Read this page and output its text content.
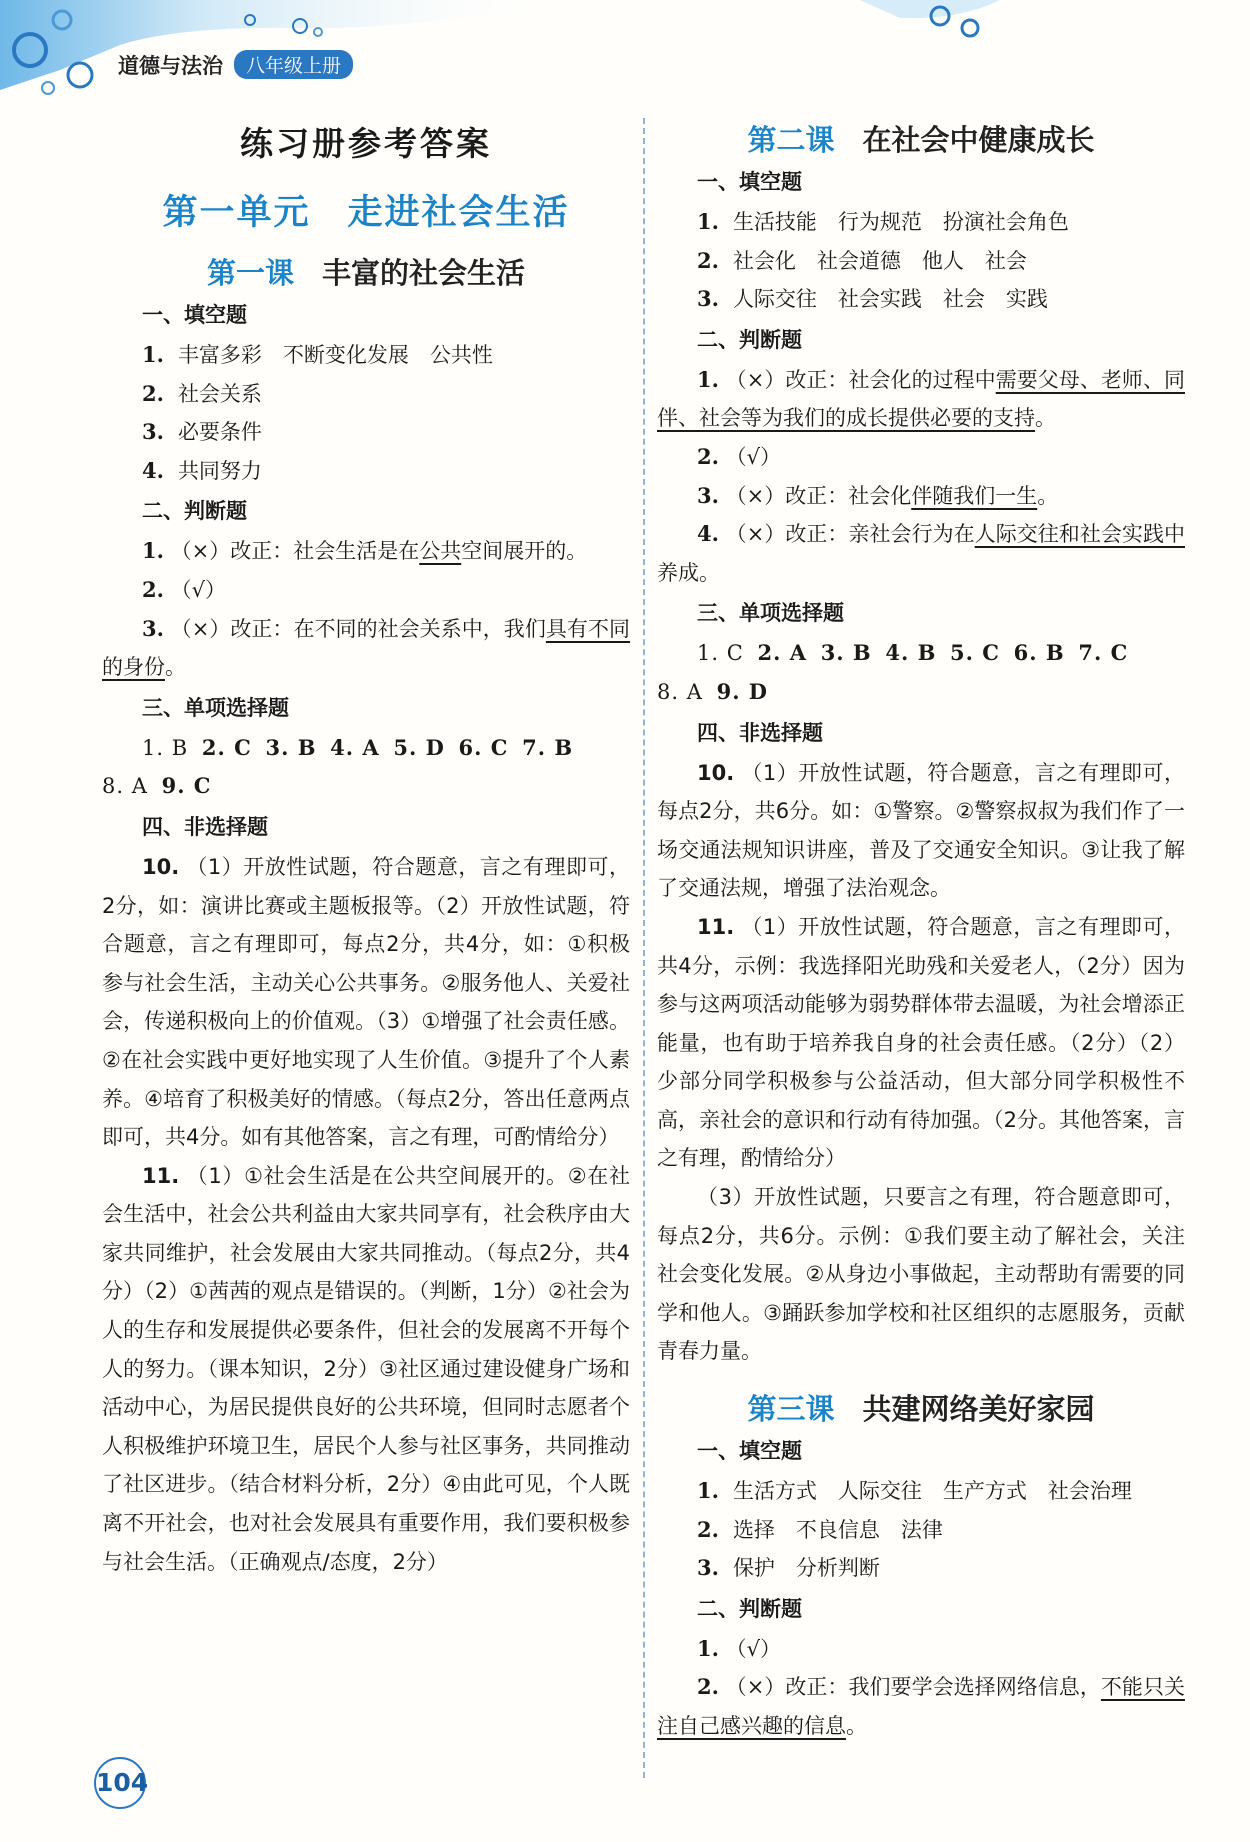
道德与法治	八年级上册
练习册参考答案
第一单元　走进社会生活
第一课 丰富的社会生活
一、填空题
1. 丰富多彩　不断变化发展　公共性
2. 社会关系
3. 必要条件
4. 共同努力
二、判断题

1. （×）改正：社会生活是在公共空间展开的。

2. （√）

3. （×）改正：在不同的社会关系中，我们具有不同的身份。

三、单项选择题
1. B 2. C 3. B 4. A 5. D 6. C 7. B
8. A 9. C
四、非选择题

10. （1）开放性试题，符合题意，言之有理即可，2分，如：演讲比赛或主题板报等。（2）开放性试题，符合题意，言之有理即可，每点2分，共4分，如：①积极参与社会生活，主动关心公共事务。②服务他人、关爱社会，传递积极向上的价值观。（3）①增强了社会责任感。②在社会实践中更好地实现了人生价值。③提升了个人素养。④培育了积极美好的情感。（每点2分，答出任意两点即可，共4分。如有其他答案，言之有理，可酌情给分）

11. （1）①社会生活是在公共空间展开的。②在社会生活中，社会公共利益由大家共同享有，社会秩序由大家共同维护，社会发展由大家共同推动。（每点2分，共4分）（2）①茜茜的观点是错误的。（判断，1分）②社会为人的生存和发展提供必要条件，但社会的发展离不开每个人的努力。（课本知识，2分）③社区通过建设健身广场和活动中心，为居民提供良好的公共环境，但同时志愿者个人积极维护环境卫生，居民个人参与社区事务，共同推动了社区进步。（结合材料分析，2分）④由此可见，个人既离不开社会，也对社会发展具有重要作用，我们要积极参与社会生活。（正确观点/态度，2分）

第二课 在社会中健康成长
一、填空题
1. 生活技能　行为规范　扮演社会角色
2. 社会化　社会道德　他人　社会
3. 人际交往　社会实践　社会　实践
二、判断题

1. （×）改正：社会化的过程中需要父母、老师、同伴、社会等为我们的成长提供必要的支持。

2. （√）

3. （×）改正：社会化伴随我们一生。

4. （×）改正：亲社会行为在人际交往和社会实践中养成。

三、单项选择题
1. C 2. A 3. B 4. B 5. C 6. B 7. C
8. A 9. D
四、非选择题

10. （1）开放性试题，符合题意，言之有理即可，每点2分，共6分。如：①警察。②警察叔叔为我们作了一场交通法规知识讲座，普及了交通安全知识。③让我了解了交通法规，增强了法治观念。

11. （1）开放性试题，符合题意，言之有理即可，共4分，示例：我选择阳光助残和关爱老人，（2分）因为参与这两项活动能够为弱势群体带去温暖，为社会增添正能量，也有助于培养我自身的社会责任感。（2分）（2）少部分同学积极参与公益活动，但大部分同学积极性不高，亲社会的意识和行动有待加强。（2分。其他答案，言之有理，酌情给分）

（3）开放性试题，只要言之有理，符合题意即可，每点2分，共6分。示例：①我们要主动了解社会，关注社会变化发展。②从身边小事做起，主动帮助有需要的同学和他人。③踊跃参加学校和社区组织的志愿服务，贡献青春力量。

第三课 共建网络美好家园
一、填空题
1. 生活方式　人际交往　生产方式　社会治理
2. 选择　不良信息　法律
3. 保护　分析判断
二、判断题

1. （√）

2. （×）改正：我们要学会选择网络信息，不能只关注自己感兴趣的信息。

104
